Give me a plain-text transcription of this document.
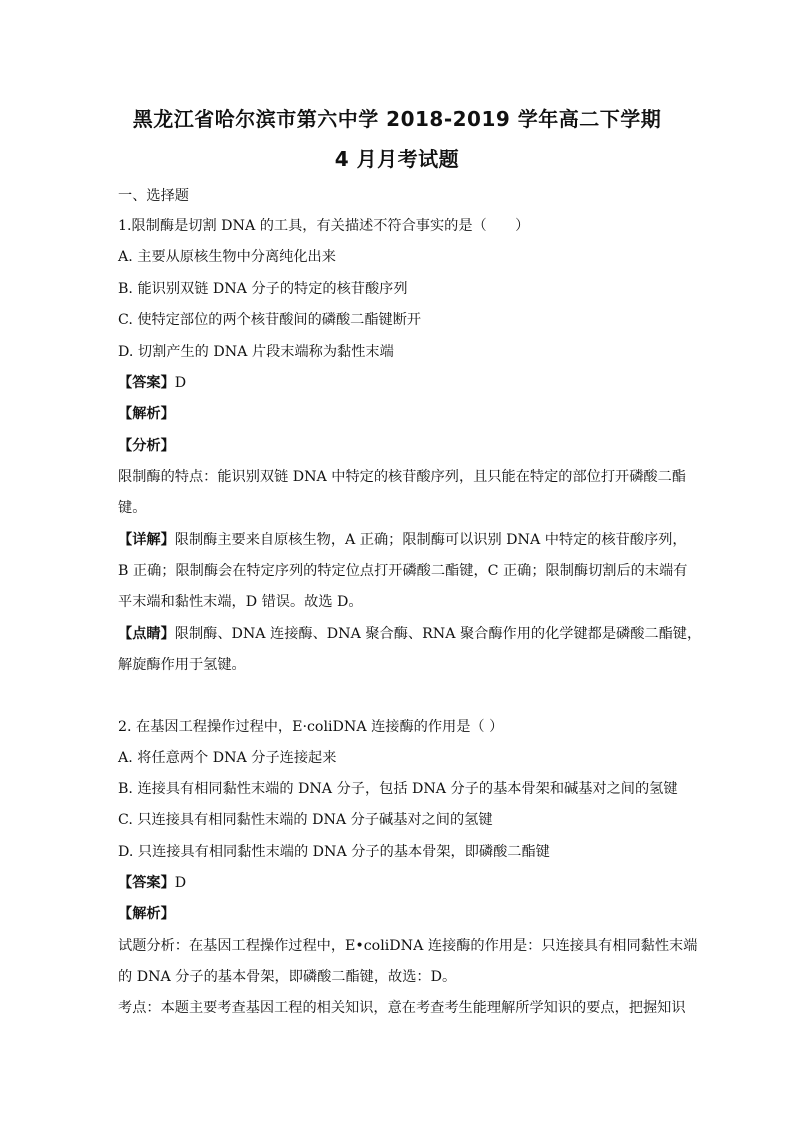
黑龙江省哈尔滨市第六中学 2018-2019 学年高二下学期
4 月月考试题
一、选择题
1.限制酶是切割 DNA 的工具，有关描述不符合事实的是（　　）
A. 主要从原核生物中分离纯化出来
B. 能识别双链 DNA 分子的特定的核苷酸序列
C. 使特定部位的两个核苷酸间的磷酸二酯键断开
D. 切割产生的 DNA 片段末端称为黏性末端
【答案】D
【解析】
【分析】
限制酶的特点：能识别双链 DNA 中特定的核苷酸序列，且只能在特定的部位打开磷酸二酯
键。
【详解】限制酶主要来自原核生物，A 正确；限制酶可以识别 DNA 中特定的核苷酸序列，
B 正确；限制酶会在特定序列的特定位点打开磷酸二酯键，C 正确；限制酶切割后的末端有
平末端和黏性末端，D 错误。故选 D。
【点睛】限制酶、DNA 连接酶、DNA 聚合酶、RNA 聚合酶作用的化学键都是磷酸二酯键，
解旋酶作用于氢键。
2. 在基因工程操作过程中，E·coliDNA 连接酶的作用是（ ）
A. 将任意两个 DNA 分子连接起来
B. 连接具有相同黏性末端的 DNA 分子，包括 DNA 分子的基本骨架和碱基对之间的氢键
C. 只连接具有相同黏性末端的 DNA 分子碱基对之间的氢键
D. 只连接具有相同黏性末端的 DNA 分子的基本骨架，即磷酸二酯键
【答案】D
【解析】
试题分析：在基因工程操作过程中，E•coliDNA 连接酶的作用是：只连接具有相同黏性末端
的 DNA 分子的基本骨架，即磷酸二酯键，故选：D。
考点：本题主要考查基因工程的相关知识，意在考查考生能理解所学知识的要点，把握知识
